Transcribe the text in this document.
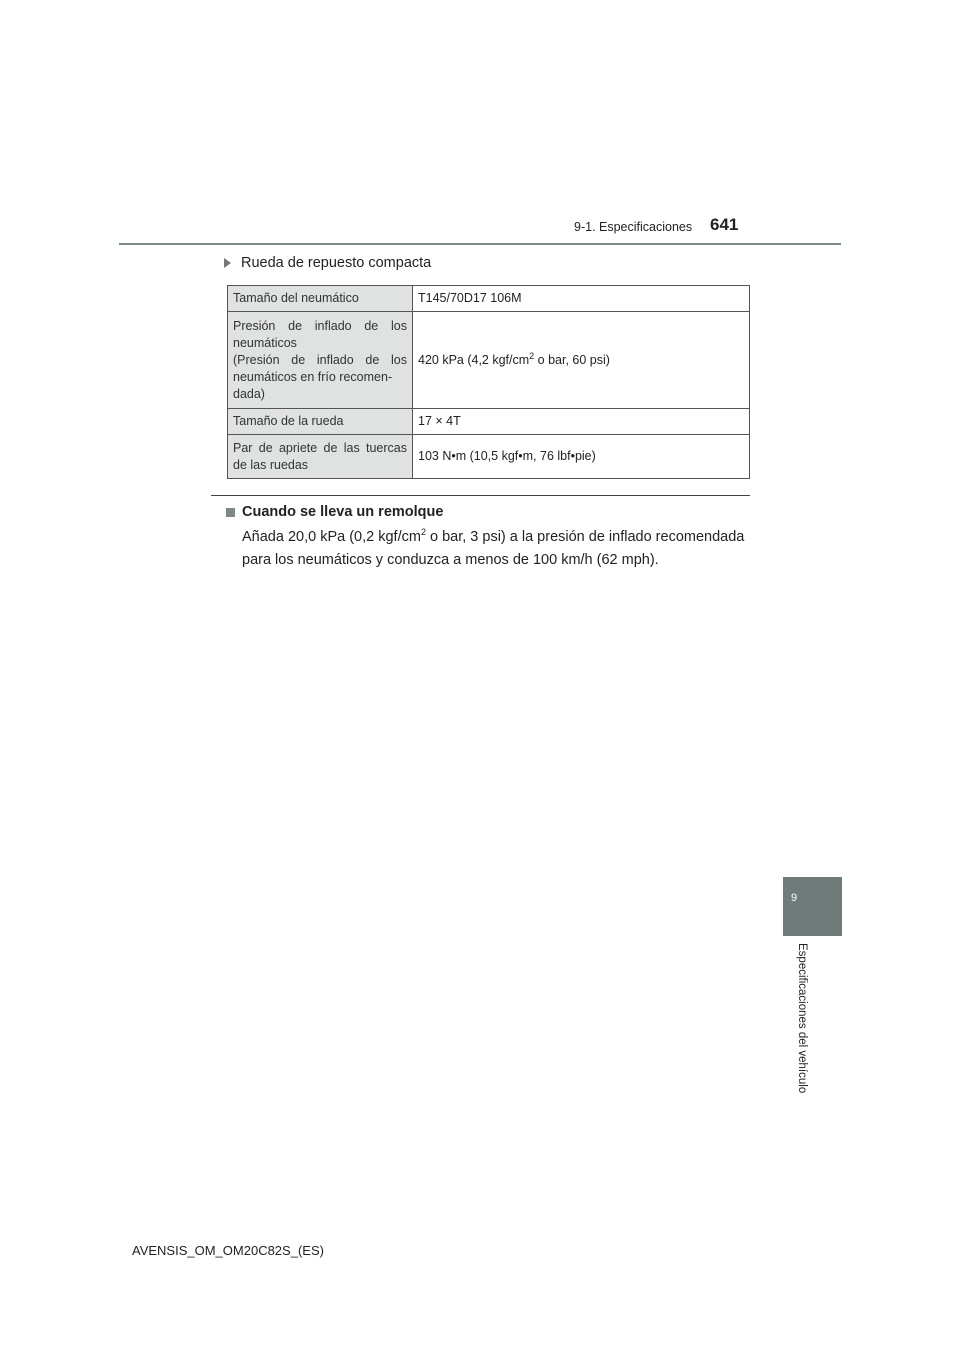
9-1. Especificaciones 641
Rueda de repuesto compacta
Tamaño del neumático	T145/70D17 106M
Presión de inflado de los neumáticos
(Presión de inflado de los neumáticos en frío recomen-
dada)	420 kPa (4,2 kgf/$cm^2$ o bar, 60 psi)
Tamaño de la rueda	17 × 4T
Par de apriete de las tuercas de las ruedas	103 N•m (10,5 kgf•m, 76 lbf•pie)
Cuando se lleva un remolque
Añada 20,0 kPa (0,2 kgf/$cm^2$ o bar, 3 psi) a la presión de inflado recomendada para los neumáticos y conduzca a menos de 100 km/h (62 mph).
9
Especificaciones del vehículo
AVENSIS_OM_OM20C82S_(ES)
